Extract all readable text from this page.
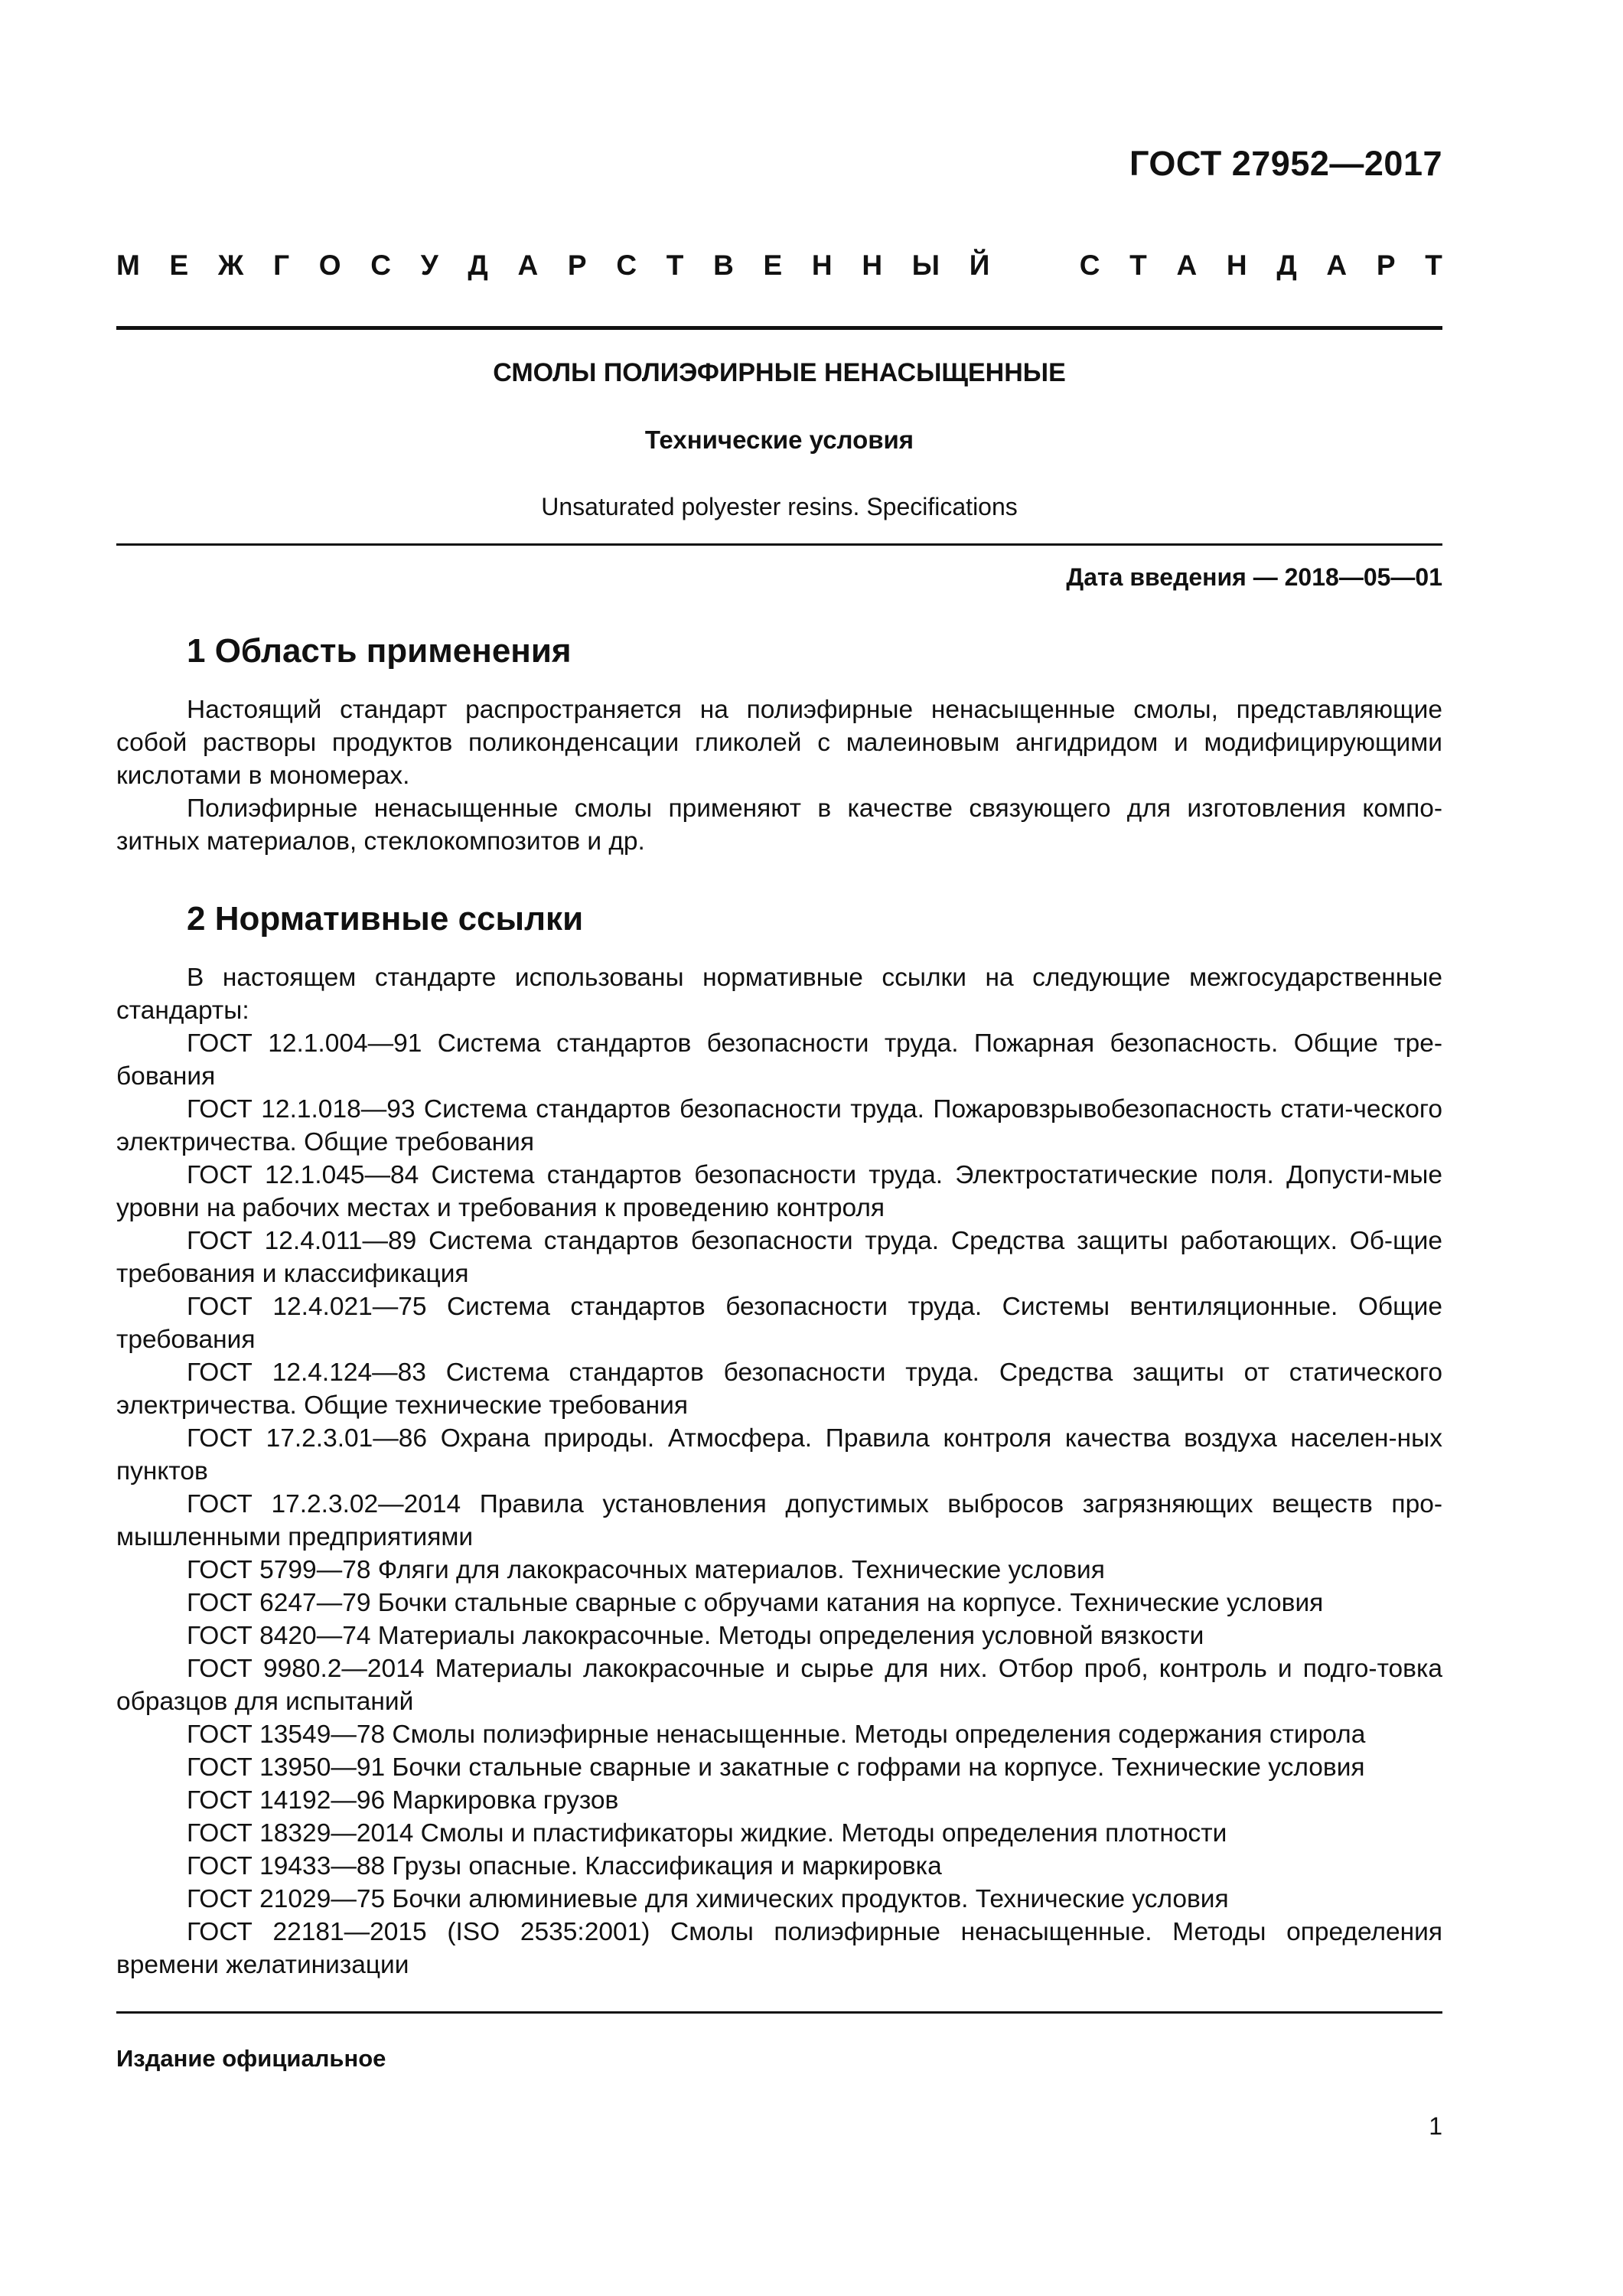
ГОСТ 27952—2017
М Е Ж Г О С У Д А Р С Т В Е Н Н Ы Й	С Т А Н Д А Р Т
СМОЛЫ ПОЛИЭФИРНЫЕ НЕНАСЫЩЕННЫЕ
Технические условия
Unsaturated polyester resins. Specifications
Дата введения — 2018—05—01
1 Область применения

Настоящий стандарт распространяется на полиэфирные ненасыщенные смолы, представляющие собой растворы продуктов поликонденсации гликолей с малеиновым ангидридом и модифицирующими кислотами в мономерах.

Полиэфирные ненасыщенные смолы применяют в качестве связующего для изготовления компо-зитных материалов, стеклокомпозитов и др.

2 Нормативные ссылки

В настоящем стандарте использованы нормативные ссылки на следующие межгосударственные стандарты:

ГОСТ 12.1.004—91 Система стандартов безопасности труда. Пожарная безопасность. Общие тре-бования

ГОСТ 12.1.018—93 Система стандартов безопасности труда. Пожаровзрывобезопасность стати-ческого электричества. Общие требования

ГОСТ 12.1.045—84 Система стандартов безопасности труда. Электростатические поля. Допусти-мые уровни на рабочих местах и требования к проведению контроля

ГОСТ 12.4.011—89 Система стандартов безопасности труда. Средства защиты работающих. Об-щие требования и классификация

ГОСТ 12.4.021—75 Система стандартов безопасности труда. Системы вентиляционные. Общие требования

ГОСТ 12.4.124—83 Система стандартов безопасности труда. Средства защиты от статического электричества. Общие технические требования

ГОСТ 17.2.3.01—86 Охрана природы. Атмосфера. Правила контроля качества воздуха населен-ных пунктов

ГОСТ 17.2.3.02—2014 Правила установления допустимых выбросов загрязняющих веществ про-мышленными предприятиями

ГОСТ 5799—78 Фляги для лакокрасочных материалов. Технические условия

ГОСТ 6247—79 Бочки стальные сварные с обручами катания на корпусе. Технические условия

ГОСТ 8420—74 Материалы лакокрасочные. Методы определения условной вязкости

ГОСТ 9980.2—2014 Материалы лакокрасочные и сырье для них. Отбор проб, контроль и подго-товка образцов для испытаний

ГОСТ 13549—78 Смолы полиэфирные ненасыщенные. Методы определения содержания стирола

ГОСТ 13950—91 Бочки стальные сварные и закатные с гофрами на корпусе. Технические условия

ГОСТ 14192—96 Маркировка грузов

ГОСТ 18329—2014 Смолы и пластификаторы жидкие. Методы определения плотности

ГОСТ 19433—88 Грузы опасные. Классификация и маркировка

ГОСТ 21029—75 Бочки алюминиевые для химических продуктов. Технические условия

ГОСТ 22181—2015 (ISO 2535:2001) Смолы полиэфирные ненасыщенные. Методы определения времени желатинизации

Издание официальное
1
